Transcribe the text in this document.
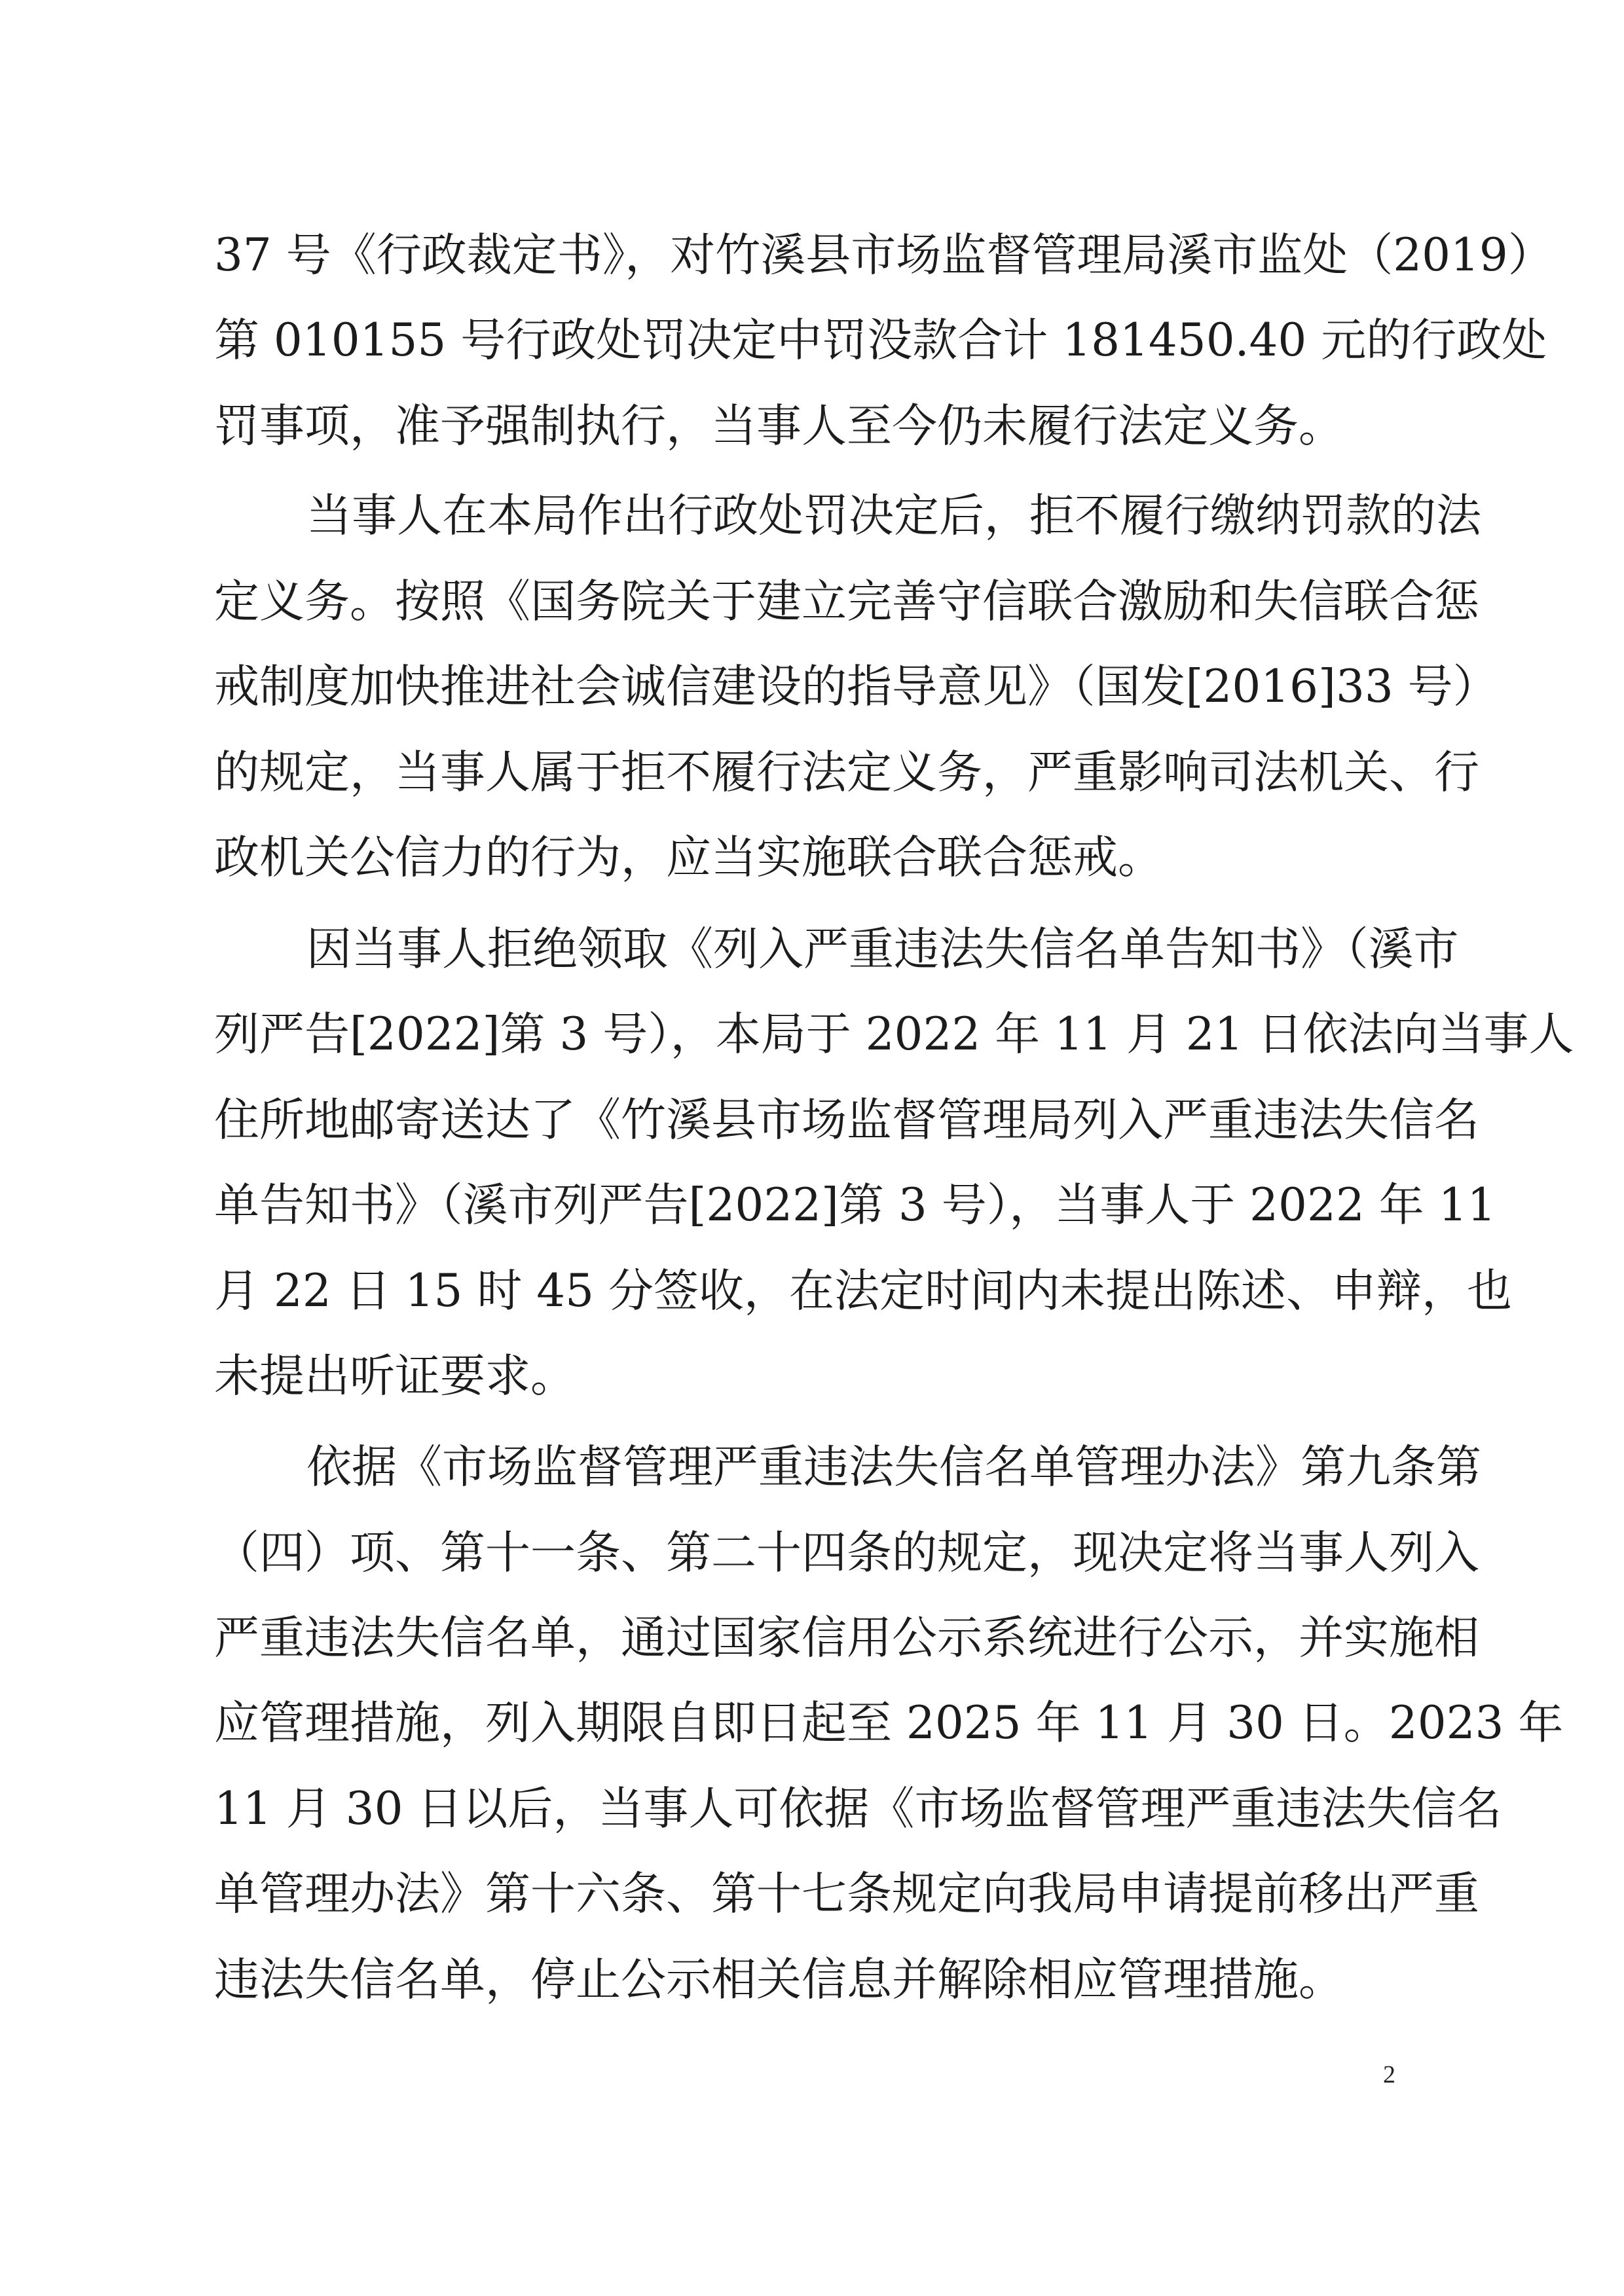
37 号《行政裁定书》，对竹溪县市场监督管理局溪市监处（2019）
第 010155 号行政处罚决定中罚没款合计 181450.40 元的行政处
罚事项，准予强制执行，当事人至今仍未履行法定义务。
当事人在本局作出行政处罚决定后，拒不履行缴纳罚款的法
定义务。按照《国务院关于建立完善守信联合激励和失信联合惩
戒制度加快推进社会诚信建设的指导意见》（国发[2016]33 号）
的规定，当事人属于拒不履行法定义务，严重影响司法机关、行
政机关公信力的行为，应当实施联合联合惩戒。
因当事人拒绝领取《列入严重违法失信名单告知书》（溪市
列严告[2022]第 3 号），本局于 2022 年 11 月 21 日依法向当事人
住所地邮寄送达了《竹溪县市场监督管理局列入严重违法失信名
单告知书》（溪市列严告[2022]第 3 号），当事人于 2022 年 11
月 22 日 15 时 45 分签收，在法定时间内未提出陈述、申辩，也
未提出听证要求。
依据《市场监督管理严重违法失信名单管理办法》第九条第
（四）项、第十一条、第二十四条的规定，现决定将当事人列入
严重违法失信名单，通过国家信用公示系统进行公示，并实施相
应管理措施，列入期限自即日起至 2025 年 11 月 30 日。2023 年
11 月 30 日以后，当事人可依据《市场监督管理严重违法失信名
单管理办法》第十六条、第十七条规定向我局申请提前移出严重
违法失信名单，停止公示相关信息并解除相应管理措施。
2
